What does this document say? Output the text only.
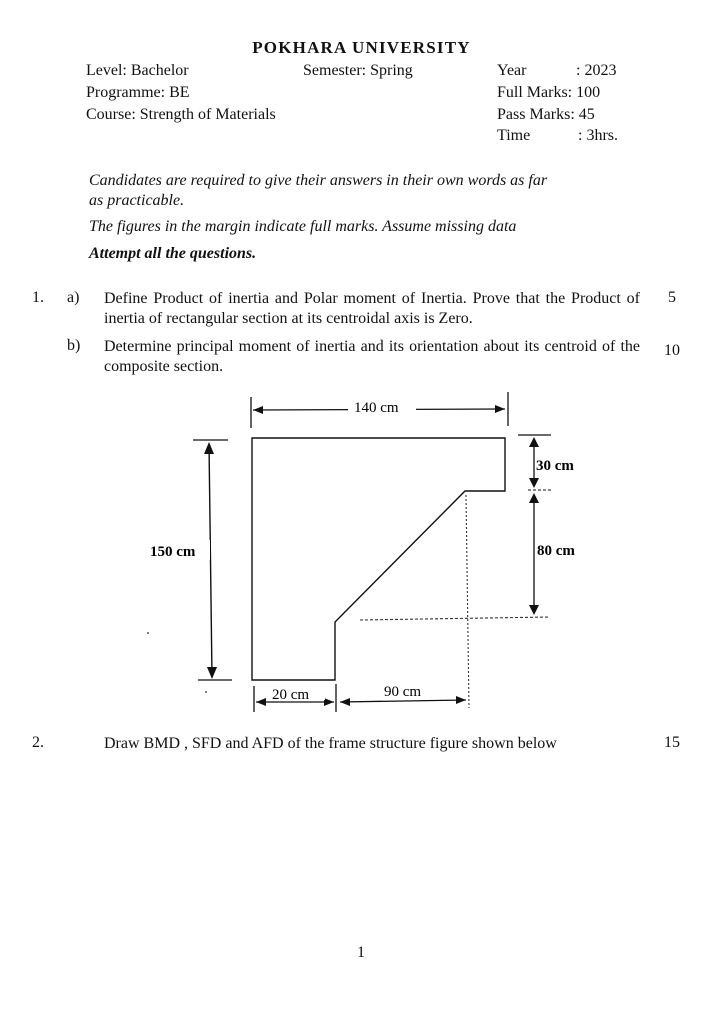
POKHARA UNIVERSITY
Level: Bachelor	Semester: Spring
Programme: BE
Course: Strength of Materials
Year	: 2023
Full Marks: 100
Pass Marks: 45
Time	: 3hrs.
Candidates are required to give their answers in their own words as far
as practicable.
The figures in the margin indicate full marks. Assume missing data
Attempt all the questions.
1. a) Define Product of inertia and Polar moment of Inertia. Prove that the Product of inertia of rectangular section at its centroidal axis is Zero.
5
b) Determine principal moment of inertia and its orientation about its centroid of the composite section.
10
140 cm
150 cm
30 cm
80 cm
20 cm	90 cm
2.	Draw BMD , SFD and AFD of the frame structure figure shown below	15
1
